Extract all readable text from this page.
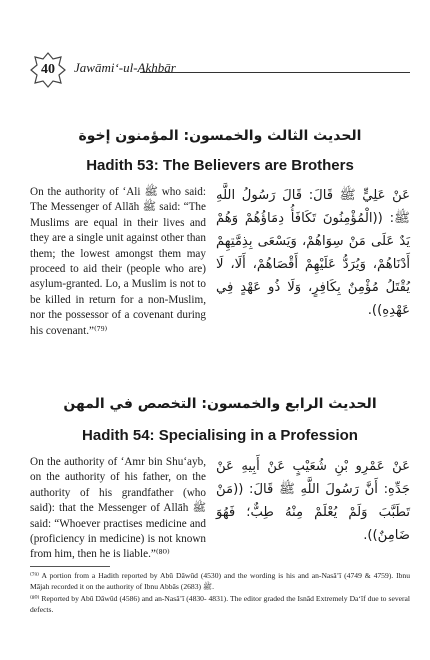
40	Jawāmi‘-ul-Akhbār
الحديث الثالث والخمسون: المؤمنون إخوة
Hadith 53: The Believers are Brothers
On the authority of ‘Ali ﷺ who said: The Messenger of Allāh ﷺ said: “The Muslims are equal in their lives and they are a single unit against other than them; the lowest amongst them may proceed to aid their (people who are) asylum-granted. Lo, a Muslim is not to be killed in return for a non-Muslim, nor the possessor of a covenant during his covenant.”⁽⁷⁹⁾
عَنْ عَلِيٍّ ﷺ قَالَ: قَالَ رَسُولُ اللَّهِ ﷺ: ((الْمُؤْمِنُونَ تَكَافَأُ دِمَاؤُهُمْ وَهُمْ يَدٌ عَلَى مَنْ سِوَاهُمْ، وَيَسْعَى بِذِمَّتِهِمْ أَدْنَاهُمْ، وَيُرَدُّ عَلَيْهِمْ أَقْصَاهُمْ، أَلَا، لَا يُقْتَلُ مُؤْمِنٌ بِكَافِرٍ، وَلَا ذُو عَهْدٍ فِي عَهْدِهِ)).
الحديث الرابع والخمسون: التخصص في المهن
Hadith 54: Specialising in a Profession
On the authority of ‘Amr bin Shu‘ayb, on the authority of his father, on the authority of his grandfather (who said): that the Messenger of Allāh ﷺ said: “Whoever practises medicine and (proficiency in medicine) is not known from him, then he is liable.”⁽⁸⁰⁾
عَنْ عَمْرِو بْنِ شُعَيْبٍ عَنْ أَبِيهِ عَنْ جَدِّهِ: أَنَّ رَسُولَ اللَّهِ ﷺ قَالَ: ((مَنْ تَطَبَّبَ وَلَمْ يُعْلَمْ مِنْهُ طِبٌّ؛ فَهُوَ ضَامِنٌ)).
⁽⁷⁹⁾ A portion from a Hadith reported by Abū Dāwūd (4530) and the wording is his and an-Nasā’ī (4749 & 4759). Ibnu Mājah recorded it on the authority of Ibnu Abbās ﷺ (2683).
⁽⁸⁰⁾ Reported by Abū Dāwūd (4586) and an-Nasā’ī (4830- 4831). The editor graded the Isnād Extremely Da‘īf due to several defects.
